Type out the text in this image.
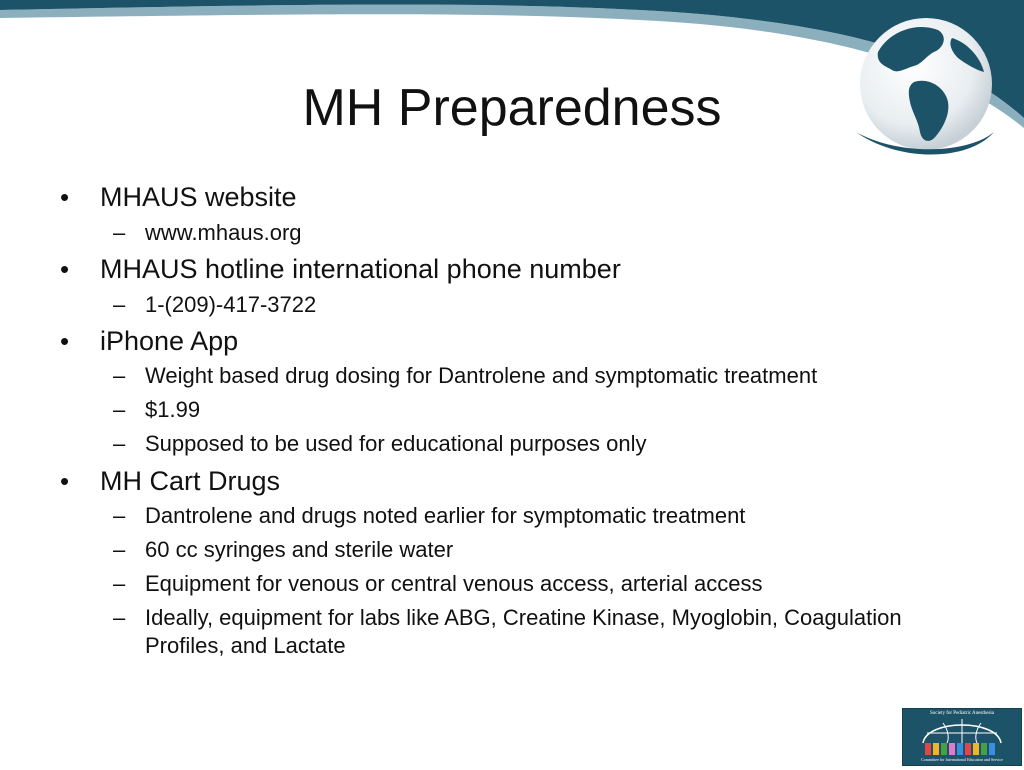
MH Preparedness
• MHAUS website
– www.mhaus.org
• MHAUS hotline international phone number
– 1-(209)-417-3722
• iPhone App
– Weight based drug dosing for Dantrolene and symptomatic treatment
– $1.99
– Supposed to be used for educational purposes only
• MH Cart Drugs
– Dantrolene and drugs noted earlier for symptomatic treatment
– 60 cc syringes and sterile water
– Equipment for venous or central venous access, arterial access
– Ideally, equipment for labs like ABG, Creatine Kinase, Myoglobin, Coagulation Profiles, and Lactate
Society for Pediatric Anesthesia
Committee for International Education and Service
